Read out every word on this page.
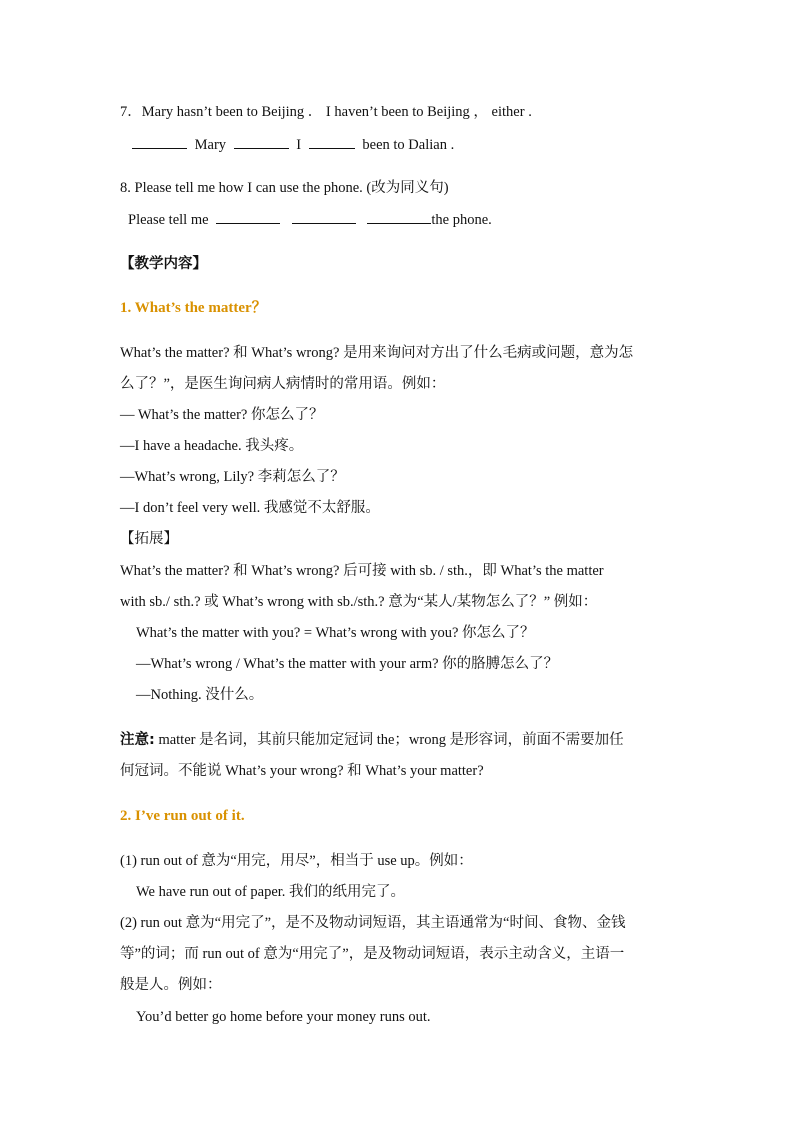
7．Mary hasn’t been to Beijing ． I haven’t been to Beijing ， either .
Mary	I	been to Dalian .
8. Please tell me how I can use the phone. (改为同义句)
Please tell me	the phone.
【教学内容】
1. What’s the matter？
What’s the matter? 和 What’s wrong? 是用来询问对方出了什么毛病或问题，意为怎
么了？”，是医生询问病人病情时的常用语。例如：
— What’s the matter? 你怎么了？
—I have a headache. 我头疼。
—What’s wrong, Lily? 李莉怎么了？
—I don’t feel very well. 我感觉不太舒服。
【拓展】
What’s the matter? 和 What’s wrong? 后可接 with sb. / sth.，即 What’s the matter
with sb./ sth.? 或 What’s wrong with sb./sth.? 意为“某人/某物怎么了？” 例如：
What’s the matter with you? = What’s wrong with you? 你怎么了？
—What’s wrong / What’s the matter with your arm? 你的胳膊怎么了？
—Nothing. 没什么。
注意: matter 是名词，其前只能加定冠词 the；wrong 是形容词，前面不需要加任
何冠词。不能说 What’s your wrong? 和 What’s your matter?
2. I’ve run out of it.
(1) run out of 意为“用完，用尽”，相当于 use up。例如：
We have run out of paper. 我们的纸用完了。
(2) run out 意为“用完了”，是不及物动词短语，其主语通常为“时间、食物、金钱
等”的词；而 run out of 意为“用完了”，是及物动词短语，表示主动含义，主语一
般是人。例如：
You’d better go home before your money runs out.
